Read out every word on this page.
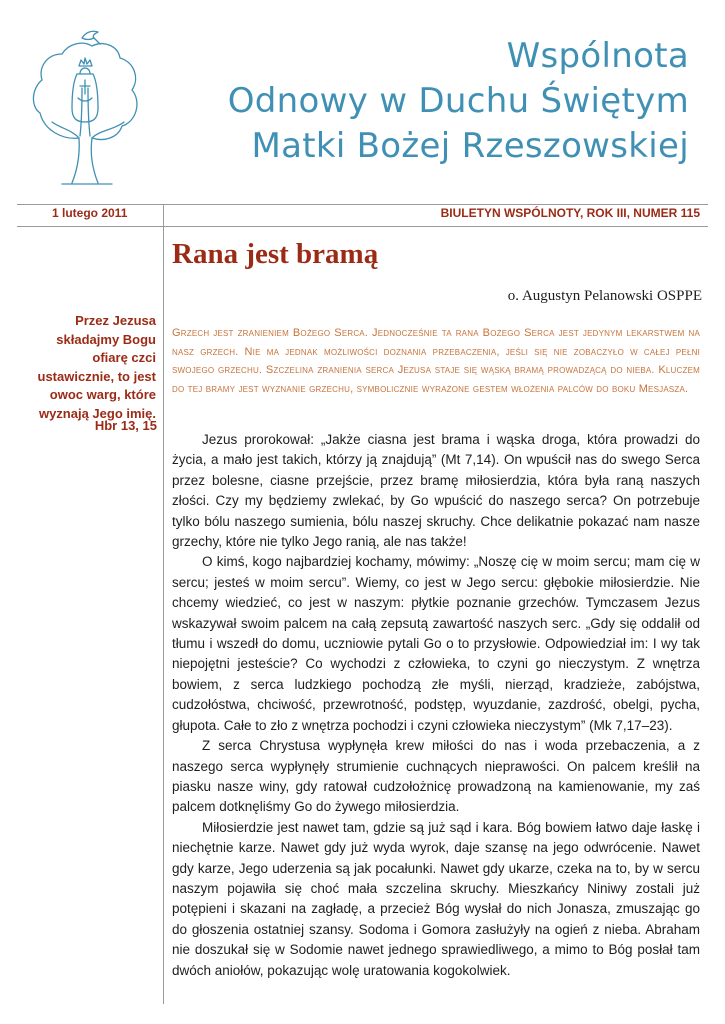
Wspólnota
Odnowy w Duchu Świętym
Matki Bożej Rzeszowskiej
1 lutego 2011	BIULETYN WSPÓLNOTY, ROK III, NUMER 115
Rana jest bramą
o. Augustyn Pelanowski OSPPE

Grzech jest zranieniem Bożego Serca. Jednocześnie ta rana Bożego Serca jest jedynym lekarstwem na nasz grzech. Nie ma jednak możliwości doznania przebaczenia, jeśli się nie zobaczyło w całej pełni swojego grzechu. Szczelina zranienia serca Jezusa staje się wąską bramą prowadzącą do nieba. Kluczem do tej bramy jest wyznanie grzechu, symbolicznie wyrażone gestem włożenia palców do boku Mesjasza.

Przez Jezusa składajmy Bogu ofiarę czci ustawicznie, to jest owoc warg, które wyznają Jego imię.

Hbr 13, 15

Jezus prorokował: „Jakże ciasna jest brama i wąska droga, która prowadzi do życia, a mało jest takich, którzy ją znajdują” (Mt 7,14). On wpuścił nas do swego Serca przez bolesne, ciasne przejście, przez bramę miłosierdzia, która była raną naszych złości. Czy my będziemy zwlekać, by Go wpuścić do naszego serca? On potrzebuje tylko bólu naszego sumienia, bólu naszej skruchy. Chce delikatnie pokazać nam nasze grzechy, które nie tylko Jego ranią, ale nas także!

O kimś, kogo najbardziej kochamy, mówimy: „Noszę cię w moim sercu; mam cię w sercu; jesteś w moim sercu”. Wiemy, co jest w Jego sercu: głębokie miłosierdzie. Nie chcemy wiedzieć, co jest w naszym: płytkie poznanie grzechów. Tymczasem Jezus wskazywał swoim palcem na całą zepsutą zawartość naszych serc. „Gdy się oddalił od tłumu i wszedł do domu, uczniowie pytali Go o to przysłowie. Odpowiedział im: I wy tak niepojętni jesteście? Co wychodzi z człowieka, to czyni go nieczystym. Z wnętrza bowiem, z serca ludzkiego pochodzą złe myśli, nierząd, kradzieże, zabójstwa, cudzołóstwa, chciwość, przewrotność, podstęp, wyuzdanie, zazdrość, obelgi, pycha, głupota. Całe to zło z wnętrza pochodzi i czyni człowieka nieczystym” (Mk 7,17–23).

Z serca Chrystusa wypłynęła krew miłości do nas i woda przebaczenia, a z naszego serca wypłynęły strumienie cuchnących nieprawości. On palcem kreślił na piasku nasze winy, gdy ratował cudzołożnicę prowadzoną na kamienowanie, my zaś palcem dotknęliśmy Go do żywego miłosierdzia.

Miłosierdzie jest nawet tam, gdzie są już sąd i kara. Bóg bowiem łatwo daje łaskę i niechętnie karze. Nawet gdy już wyda wyrok, daje szansę na jego odwrócenie. Nawet gdy karze, Jego uderzenia są jak pocałunki. Nawet gdy ukarze, czeka na to, by w sercu naszym pojawiła się choć mała szczelina skruchy. Mieszkańcy Niniwy zostali już potępieni i skazani na zagładę, a przecież Bóg wysłał do nich Jonasza, zmuszając go do głoszenia ostatniej szansy. Sodoma i Gomora zasłużyły na ogień z nieba. Abraham nie doszukał się w Sodomie nawet jednego sprawiedliwego, a mimo to Bóg posłał tam dwóch aniołów, pokazując wolę uratowania kogokolwiek.
